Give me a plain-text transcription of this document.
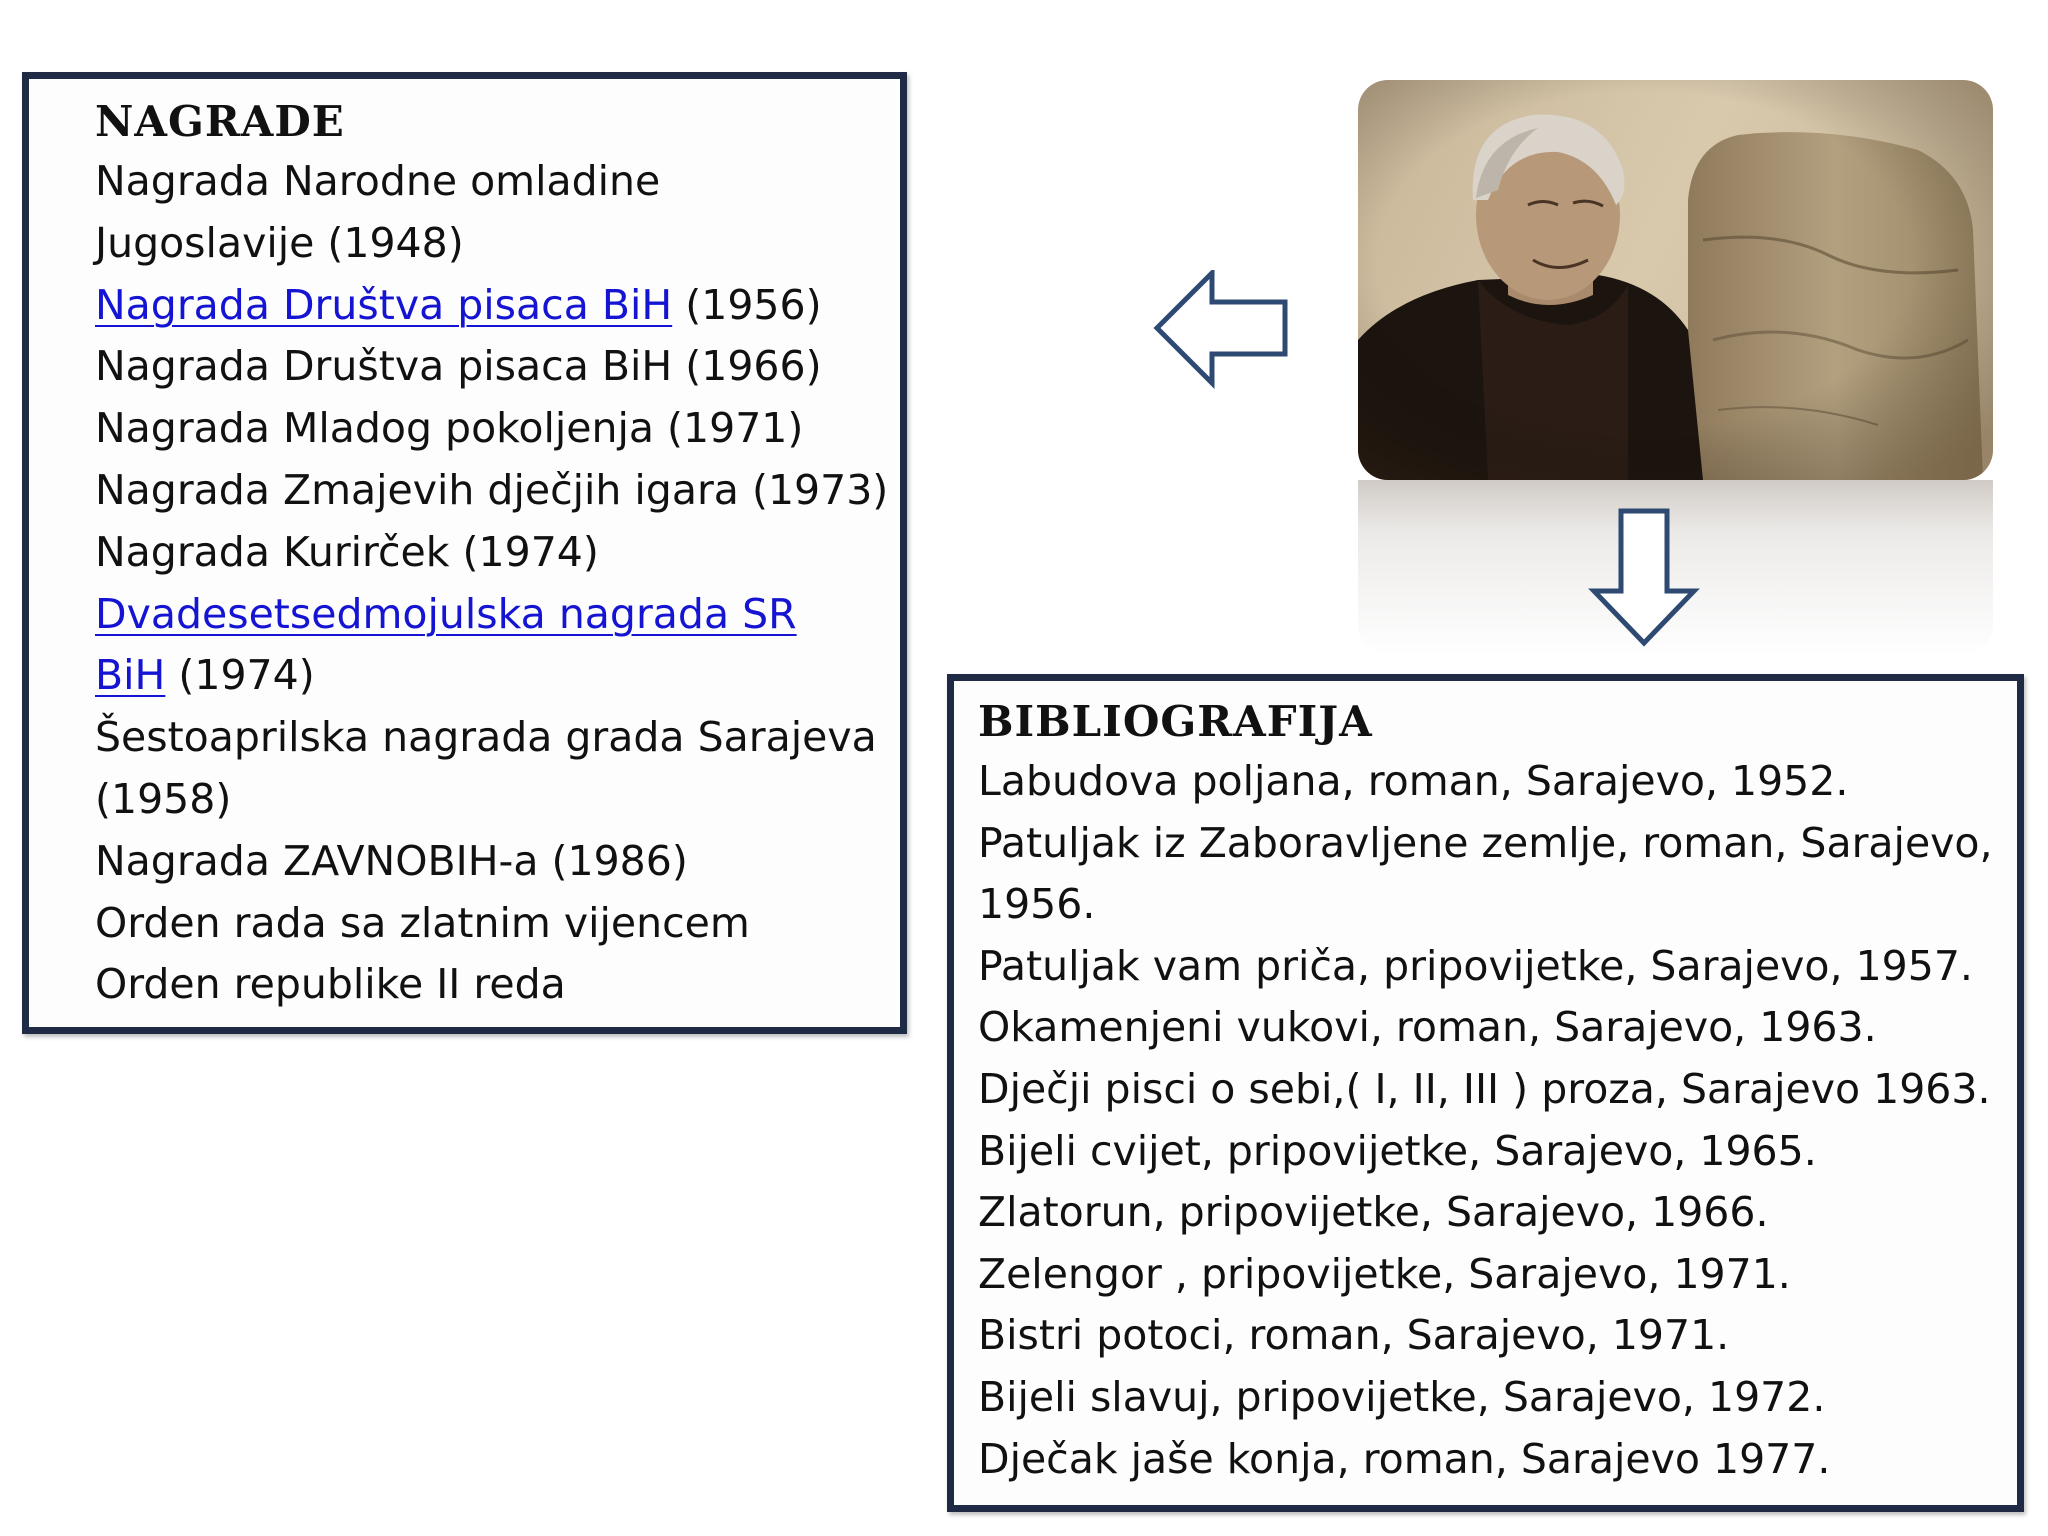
NAGRADE
Nagrada Narodne omladine
Jugoslavije (1948)
Nagrada Društva pisaca BiH (1956)
Nagrada Društva pisaca BiH (1966)
Nagrada Mladog pokoljenja (1971)
Nagrada Zmajevih dječjih igara (1973)
Nagrada Kurirček (1974)
Dvadesetsedmojulska nagrada SR
BiH (1974)
Šestoaprilska nagrada grada Sarajeva
(1958)
Nagrada ZAVNOBIH-a (1986)
Orden rada sa zlatnim vijencem
Orden republike II reda
BIBLIOGRAFIJA
Labudova poljana, roman, Sarajevo, 1952.
Patuljak iz Zaboravljene zemlje, roman, Sarajevo,
1956.
Patuljak vam priča, pripovijetke, Sarajevo, 1957.
Okamenjeni vukovi, roman, Sarajevo, 1963.
Dječji pisci o sebi,( I, II, III ) proza, Sarajevo 1963.
Bijeli cvijet, pripovijetke, Sarajevo, 1965.
Zlatorun, pripovijetke, Sarajevo, 1966.
Zelengor , pripovijetke, Sarajevo, 1971.
Bistri potoci, roman, Sarajevo, 1971.
Bijeli slavuj, pripovijetke, Sarajevo, 1972.
Dječak jaše konja, roman, Sarajevo 1977.
